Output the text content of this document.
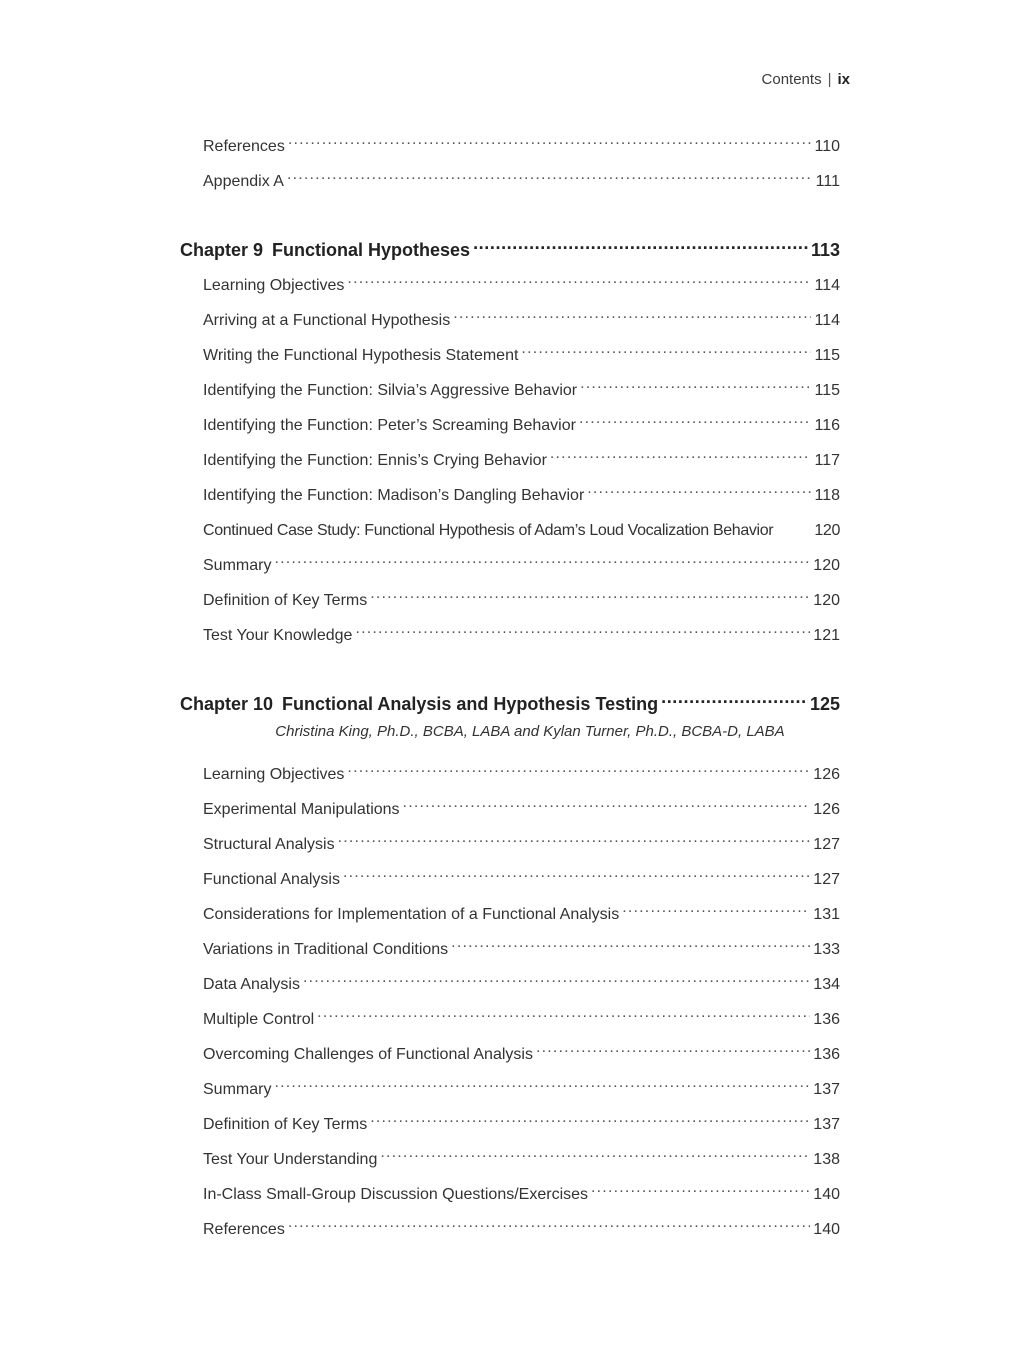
Contents | ix
References .....	110
Appendix A .....	111
Chapter 9 Functional Hypotheses .....	113
Learning Objectives .....	114
Arriving at a Functional Hypothesis .....	114
Writing the Functional Hypothesis Statement .....	115
Identifying the Function: Silvia’s Aggressive Behavior .....	115
Identifying the Function: Peter’s Screaming Behavior .....	116
Identifying the Function: Ennis’s Crying Behavior .....	117
Identifying the Function: Madison’s Dangling Behavior .....	118
Continued Case Study: Functional Hypothesis of Adam’s Loud Vocalization Behavior	120
Summary .....	120
Definition of Key Terms .....	120
Test Your Knowledge .....	121
Chapter 10 Functional Analysis and Hypothesis Testing .....	125
Christina King, Ph.D., BCBA, LABA and Kylan Turner, Ph.D., BCBA-D, LABA
Learning Objectives .....	126
Experimental Manipulations .....	126
Structural Analysis .....	127
Functional Analysis .....	127
Considerations for Implementation of a Functional Analysis .....	131
Variations in Traditional Conditions .....	133
Data Analysis .....	134
Multiple Control .....	136
Overcoming Challenges of Functional Analysis .....	136
Summary .....	137
Definition of Key Terms .....	137
Test Your Understanding .....	138
In-Class Small-Group Discussion Questions/Exercises .....	140
References .....	140
